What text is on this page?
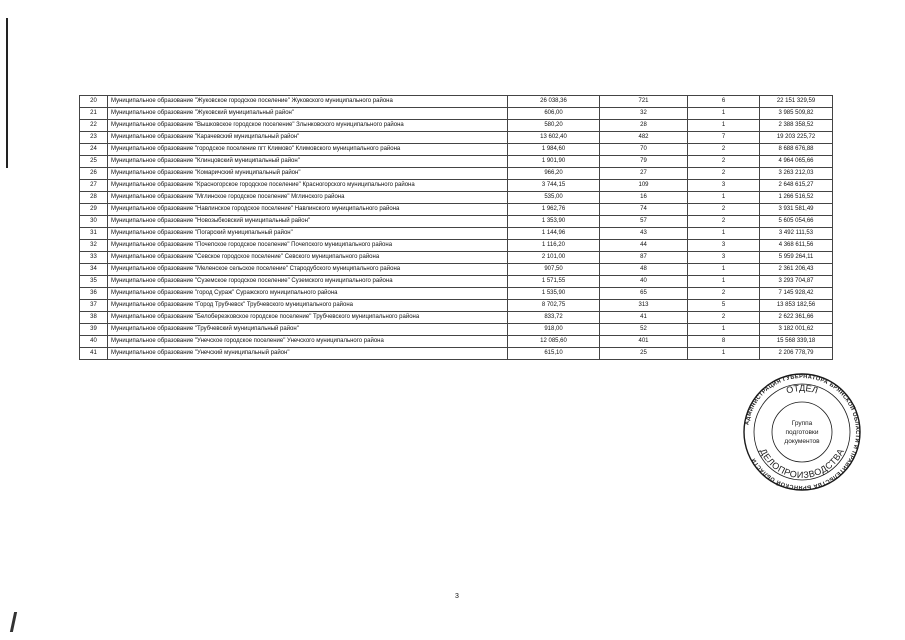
20	Муниципальное образование "Жуковское городское поселение" Жуковского муниципального района	26 038,36	721	6	22 151 329,59
21	Муниципальное образование "Жуковский муниципальный район"	606,00	32	1	3 985 509,82
22	Муниципальное образование "Вышковское городское поселение" Злынковского муниципального района	580,20	28	1	2 388 358,52
23	Муниципальное образование "Карачевский муниципальный район"	13 602,40	482	7	19 203 225,72
24	Муниципальное образование "городское поселение пгт Климово" Климовского муниципального района	1 984,60	70	2	8 688 676,88
25	Муниципальное образование "Клинцовский муниципальный район"	1 901,90	79	2	4 964 065,66
26	Муниципальное образование "Комаричский муниципальный район"	966,20	27	2	3 263 212,03
27	Муниципальное образование "Красногорское городское поселение" Красногорского муниципального района	3 744,15	109	3	2 648 615,27
28	Муниципальное образование "Мглинское городское поселение" Мглинского района	535,00	16	1	1 266 516,52
29	Муниципальное образование "Навлинское городское поселение" Навлинского муниципального района	1 962,76	74	2	3 931 581,49
30	Муниципальное образование "Новозыбковский муниципальный район"	1 353,90	57	2	5 605 054,66
31	Муниципальное образование "Погарский муниципальный район"	1 144,96	43	1	3 492 111,53
32	Муниципальное образование "Почепское городское поселение" Почепского муниципального района	1 116,20	44	3	4 368 611,56
33	Муниципальное образование "Севское городское поселение" Севского муниципального района	2 101,00	87	3	5 959 264,11
34	Муниципальное образование "Меленское сельское поселение" Стародубского муниципального района	907,50	48	1	2 361 206,43
35	Муниципальное образование "Суземское городское поселение" Суземского муниципального района	1 571,55	40	1	3 293 704,87
36	Муниципальное образование "город Сураж" Суражского муниципального района	1 535,90	65	2	7 145 928,42
37	Муниципальное образование "Город Трубчевск" Трубчевского муниципального района	8 702,75	313	5	13 853 182,56
38	Муниципальное образование "Белоберезковское городское поселение" Трубчевского муниципального района	833,72	41	2	2 622 361,66
39	Муниципальное образование "Трубчевский муниципальный район"	918,00	52	1	3 182 001,62
40	Муниципальное образование "Унечское городское поселение" Унечского муниципального района	12 085,60	401	8	15 568 339,18
41	Муниципальное образование "Унечский муниципальный район"	615,10	25	1	2 206 778,79
3
АДМИНИСТРАЦИЯ ГУБЕРНАТОРА БРЯНСКОЙ ОБЛАСТИ И ПРАВИТЕЛЬСТВА БРЯНСКОЙ ОБЛАСТИ
ОТДЕЛ
ДЕЛОПРОИЗВОДСТВА
Группа
подготовки
документов
